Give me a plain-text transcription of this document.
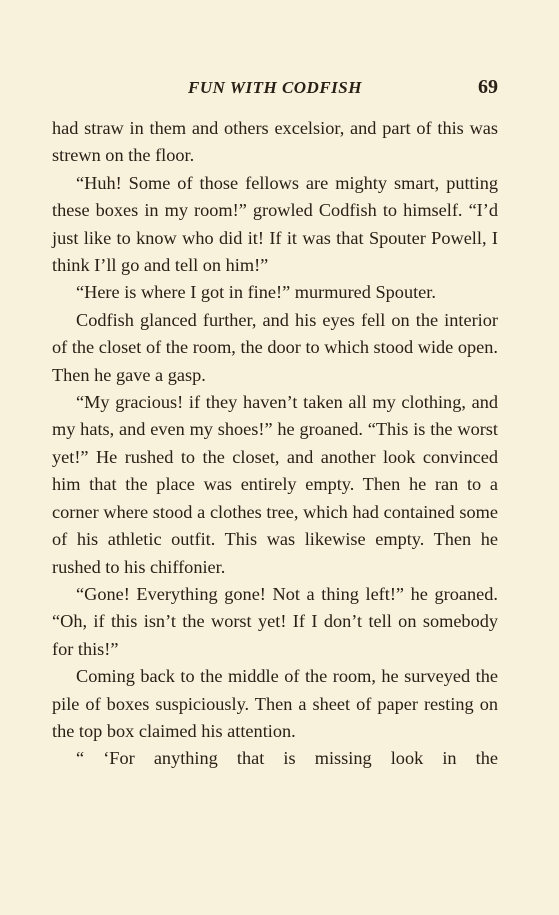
FUN WITH CODFISH	69

had straw in them and others excelsior, and part of this was strewn on the floor.

“Huh! Some of those fellows are mighty smart, putting these boxes in my room!” growled Codfish to himself. “I’d just like to know who did it! If it was that Spouter Powell, I think I’ll go and tell on him!”

“Here is where I got in fine!” murmured Spouter.

Codfish glanced further, and his eyes fell on the interior of the closet of the room, the door to which stood wide open. Then he gave a gasp.

“My gracious! if they haven’t taken all my clothing, and my hats, and even my shoes!” he groaned. “This is the worst yet!” He rushed to the closet, and another look convinced him that the place was entirely empty. Then he ran to a corner where stood a clothes tree, which had contained some of his athletic outfit. This was likewise empty. Then he rushed to his chiffonier.

“Gone! Everything gone! Not a thing left!” he groaned. “Oh, if this isn’t the worst yet! If I don’t tell on somebody for this!”

Coming back to the middle of the room, he surveyed the pile of boxes suspiciously. Then a sheet of paper resting on the top box claimed his attention.

“ ‘For anything that is missing look in the
